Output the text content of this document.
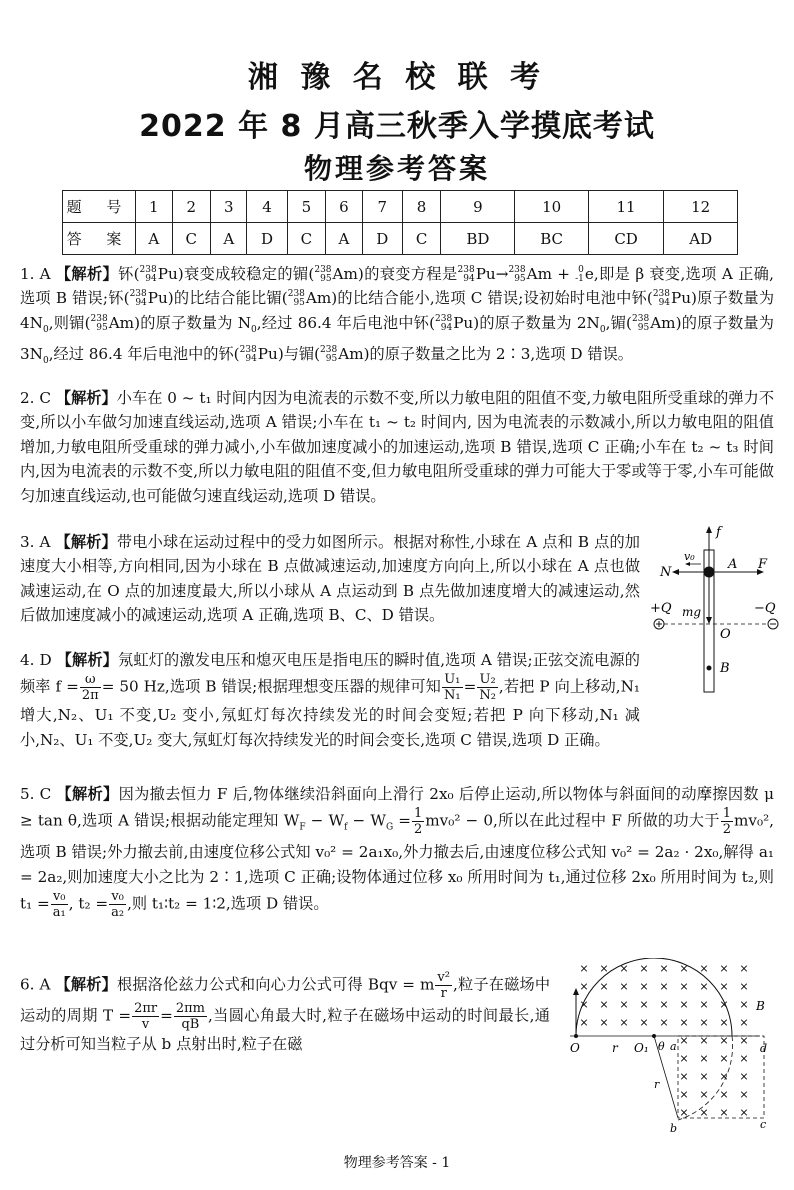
湘 豫 名 校 联 考
2022 年 8 月高三秋季入学摸底考试
物理参考答案
题 号	1	2	3	4	5	6	7	8	9	10	11	12
答 案	A	C	A	D	C	A	D	C	BD	BC	CD	AD
1. A 【解析】钚(238
94Pu)衰变成较稳定的镅(238
95Am)的衰变方程是238
94Pu→238
95Am + 0
-1e,即是 β 衰变,选项 A 正确,选项 B 错误;钚(238
94Pu)的比结合能比镅(238
95Am)的比结合能小,选项 C 错误;设初始时电池中钚(238
94Pu)原子数量为 $4N_0$,则镅(238
95Am)的原子数量为 $N_0$,经过 86.4 年后电池中钚(238
94Pu)的原子数量为 $2N_0$,镅(238
95Am)的原子数量为 $3N_0$,经过 86.4 年后电池中的钚(238
94Pu)与镅(238
95Am)的原子数量之比为 2∶3,选项 D 错误。
2. C 【解析】小车在 0 ~ t₁ 时间内因为电流表的示数不变,所以力敏电阻的阻值不变,力敏电阻所受重球的弹力不变,所以小车做匀加速直线运动,选项 A 错误;小车在 t₁ ~ t₂ 时间内, 因为电流表的示数减小,所以力敏电阻的阻值增加,力敏电阻所受重球的弹力减小,小车做加速度减小的加速运动,选项 B 错误,选项 C 正确;小车在 t₂ ~ t₃ 时间内,因为电流表的示数不变,所以力敏电阻的阻值不变,但力敏电阻所受重球的弹力可能大于零或等于零,小车可能做匀加速直线运动,也可能做匀速直线运动,选项 D 错误。
3. A 【解析】带电小球在运动过程中的受力如图所示。根据对称性,小球在 A 点和 B 点的加速度大小相等,方向相同,因为小球在 B 点做减速运动,加速度方向向上,所以小球在 A 点也做减速运动,在 O 点的加速度最大,所以小球从 A 点运动到 B 点先做加速度增大的减速运动,然后做加速度减小的减速运动,选项 A 正确,选项 B、C、D 错误。
f
N
v₀
A F
+Q	−Q
mg
O
B
4. D 【解析】氖虹灯的激发电压和熄灭电压是指电压的瞬时值,选项 A 错误;正弦交流电源的频率 $f = \frac{\omega}{2\pi} = 50$ Hz,选项 B 错误;根据理想变压器的规律可知 $\frac{\text{U₁}}{\text{N₁}} = \frac{\text{U₂}}{\text{N₂}}$ ,若把 P 向上移动,N₁ 增大,N₂、U₁ 不变,U₂ 变小,氖虹灯每次持续发光的时间会变短;若把 P 向下移动,N₁ 减小,N₂、U₁ 不变,U₂ 变大,氖虹灯每次持续发光的时间会变长,选项 C 错误,选项 D 正确。
5. C 【解析】因为撤去恒力 F 后,物体继续沿斜面向上滑行 2x₀ 后停止运动,所以物体与斜面间的动摩擦因数 μ ≥ tan θ,选项 A 错误;根据动能定理知 $W_F - W_f - W_G = \frac{1}{2} mv_0^2 - 0$,所以在此过程中 F 所做的功大于 $\frac{1}{2} mv_0^2$,选项 B 错误;外力撤去前,由速度位移公式知 v₀² = 2a₁x₀,外力撤去后,由速度位移公式知 v₀² = 2a₂ · 2x₀,解得 a₁ = 2a₂,则加速度大小之比为 2∶1,选项 C 正确;设物体通过位移 x₀ 所用时间为 t₁,通过位移 2x₀ 所用时间为 t₂,则 $t_1 = \frac{\text{v₀}}{\text{a₁}}$ , $t_2 = \frac{\text{v₀}}{\text{a₂}}$ ,则 t₁∶t₂ = 1∶2,选项 D 错误。
6. A 【解析】根据洛伦兹力公式和向心力公式可得 Bqv = m $\frac{\text{v²}}{r}$ ,粒子在磁场中运动的周期 $T = \frac{2\pi r}{v} = \frac{2\pi m}{qB}$ ,当圆心角最大时,粒子在磁场中运动的时间最长,通过分析可知当粒子从 b 点射出时,粒子在磁
× × × × × × × × ×
× × × × × × × × ×
× × × × × × × × ×
× × × × × × × × ×
× × × ×
× × × ×
× × × ×
× × × ×
× × × ×
B
O	r O₁ θ a	d
r
b	c
物理参考答案 - 1
